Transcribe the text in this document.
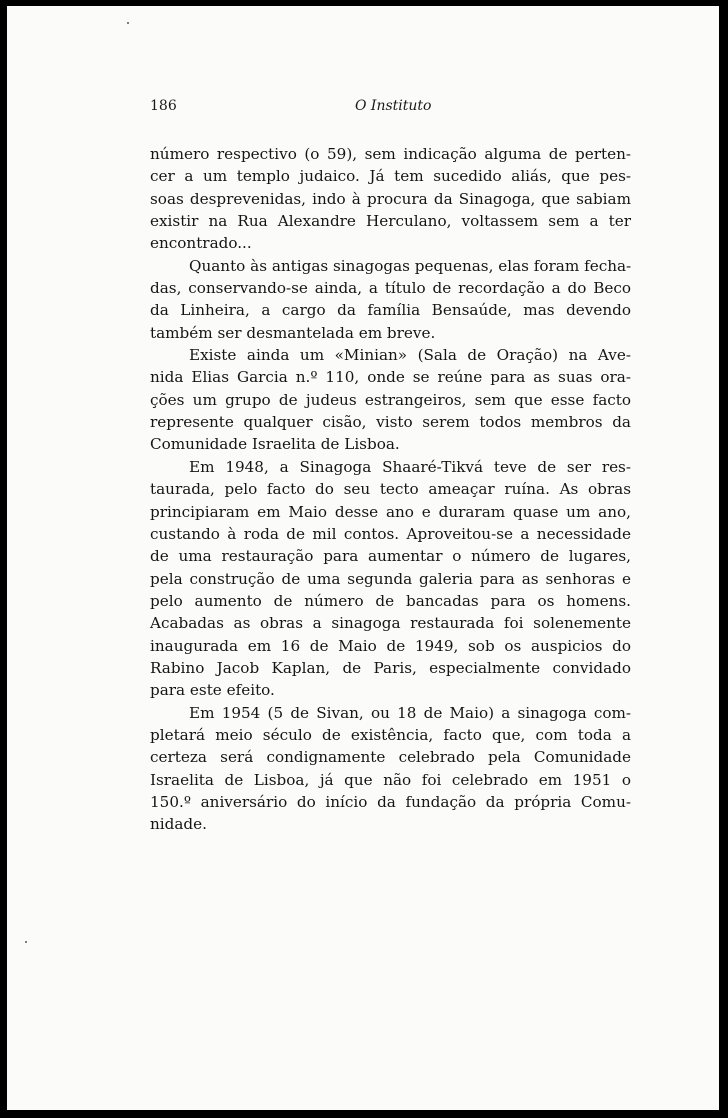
186	O Instituto
número respectivo (o 59), sem indicação alguma de perten-
cer a um templo judaico. Já tem sucedido aliás, que pes-
soas desprevenidas, indo à procura da Sinagoga, que sabiam
existir na Rua Alexandre Herculano, voltassem sem a ter
encontrado...
Quanto às antigas sinagogas pequenas, elas foram fecha-
das, conservando-se ainda, a título de recordação a do Beco
da Linheira, a cargo da família Bensaúde, mas devendo
também ser desmantelada em breve.
Existe ainda um «Minian» (Sala de Oração) na Ave-
nida Elias Garcia n.º 110, onde se reúne para as suas ora-
ções um grupo de judeus estrangeiros, sem que esse facto
represente qualquer cisão, visto serem todos membros da
Comunidade Israelita de Lisboa.
Em 1948, a Sinagoga Shaaré-Tikvá teve de ser res-
taurada, pelo facto do seu tecto ameaçar ruína. As obras
principiaram em Maio desse ano e duraram quase um ano,
custando à roda de mil contos. Aproveitou-se a necessidade
de uma restauração para aumentar o número de lugares,
pela construção de uma segunda galeria para as senhoras e
pelo aumento de número de bancadas para os homens.
Acabadas as obras a sinagoga restaurada foi solenemente
inaugurada em 16 de Maio de 1949, sob os auspicios do
Rabino Jacob Kaplan, de Paris, especialmente convidado
para este efeito.
Em 1954 (5 de Sivan, ou 18 de Maio) a sinagoga com-
pletará meio século de existência, facto que, com toda a
certeza será condignamente celebrado pela Comunidade
Israelita de Lisboa, já que não foi celebrado em 1951 o
150.º aniversário do início da fundação da própria Comu-
nidade.
